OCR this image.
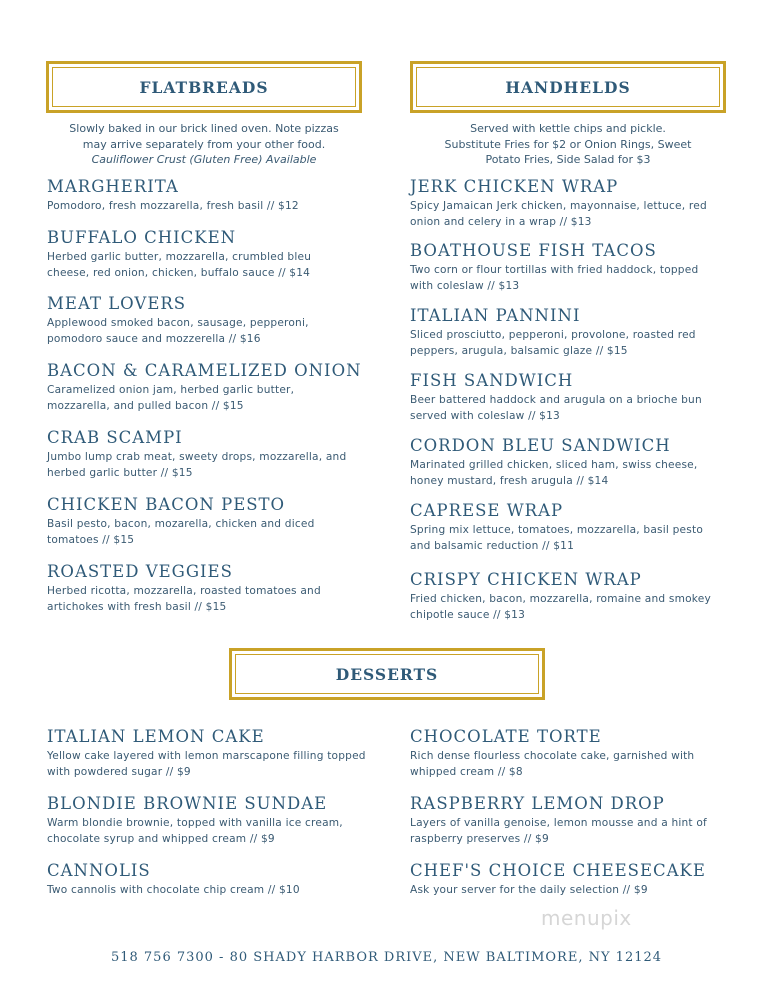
FLATBREADS	HANDHELDS
DESSERTS
Slowly baked in our brick lined oven. Note pizzas
may arrive separately from your other food.
Cauliflower Crust (Gluten Free) Available
Served with kettle chips and pickle.
Substitute Fries for $2 or Onion Rings, Sweet
Potato Fries, Side Salad for $3
MARGHERITA

Pomodoro, fresh mozzarella, fresh basil // $12

BUFFALO CHICKEN

Herbed garlic butter, mozzarella, crumbled bleu cheese, red onion, chicken, buffalo sauce // $14

MEAT LOVERS

Applewood smoked bacon, sausage, pepperoni, pomodoro sauce and mozzerella // $16

BACON & CARAMELIZED ONION

Caramelized onion jam, herbed garlic butter, mozzarella, and pulled bacon // $15

CRAB SCAMPI

Jumbo lump crab meat, sweety drops, mozzarella, and herbed garlic butter // $15

CHICKEN BACON PESTO

Basil pesto, bacon, mozarella, chicken and diced tomatoes // $15

ROASTED VEGGIES

Herbed ricotta, mozzarella, roasted tomatoes and artichokes with fresh basil // $15

JERK CHICKEN WRAP

Spicy Jamaican Jerk chicken, mayonnaise, lettuce, red onion and celery in a wrap // $13

BOATHOUSE FISH TACOS

Two corn or flour tortillas with fried haddock, topped with coleslaw // $13

ITALIAN PANNINI

Sliced prosciutto, pepperoni, provolone, roasted red peppers, arugula, balsamic glaze // $15

FISH SANDWICH

Beer battered haddock and arugula on a brioche bun served with coleslaw // $13

CORDON BLEU SANDWICH

Marinated grilled chicken, sliced ham, swiss cheese, honey mustard, fresh arugula // $14

CAPRESE WRAP

Spring mix lettuce, tomatoes, mozzarella, basil pesto and balsamic reduction // $11

CRISPY CHICKEN WRAP

Fried chicken, bacon, mozzarella, romaine and smokey chipotle sauce // $13

ITALIAN LEMON CAKE

Yellow cake layered with lemon marscapone filling topped with powdered sugar // $9

BLONDIE BROWNIE SUNDAE

Warm blondie brownie, topped with vanilla ice cream, chocolate syrup and whipped cream // $9

CANNOLIS

Two cannolis with chocolate chip cream // $10

CHOCOLATE TORTE

Rich dense flourless chocolate cake, garnished with whipped cream // $8

RASPBERRY LEMON DROP

Layers of vanilla genoise, lemon mousse and a hint of raspberry preserves // $9

CHEF'S CHOICE CHEESECAKE

Ask your server for the daily selection // $9

menupix
518 756 7300 - 80 SHADY HARBOR DRIVE, NEW BALTIMORE, NY 12124
